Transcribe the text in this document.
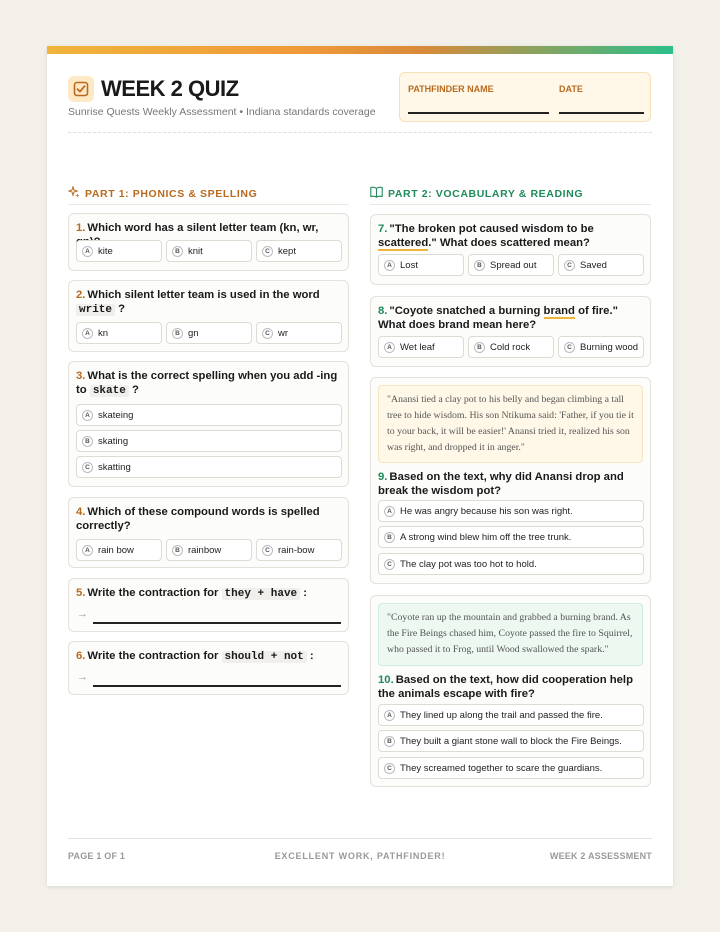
WEEK 2 QUIZ
Sunrise Quests Weekly Assessment • Indiana standards coverage
PATHFINDER NAME	DATE
PART 1: PHONICS & SPELLING
1. Which word has a silent letter team (kn, wr,
A kite	B knit	C kept
2. Which silent letter team is used in the word write ?
A kn	B gn	C wr
3. What is the correct spelling when you add -ing to skate ?
A skateing
B skating
C skatting
4. Which of these compound words is spelled correctly?
A rain bow	B rainbow	C rain-bow
5. Write the contraction for they + have :
→
6. Write the contraction for should + not :
→
PART 2: VOCABULARY & READING
7. "The broken pot caused wisdom to be scattered." What does scattered mean?
A Lost	B Spread out	C Saved
8. "Coyote snatched a burning brand of fire." What does brand mean here?
A Wet leaf	B Cold rock	C Burning wood
"Anansi tied a clay pot to his belly and began climbing a tall tree to hide wisdom. His son Ntikuma said: 'Father, if you tie it to your back, it will be easier!' Anansi tried it, realized his son was right, and dropped it in anger."
9. Based on the text, why did Anansi drop and break the wisdom pot?
A He was angry because his son was right.
B A strong wind blew him off the tree trunk.
C The clay pot was too hot to hold.
"Coyote ran up the mountain and grabbed a burning brand. As the Fire Beings chased him, Coyote passed the fire to Squirrel, who passed it to Frog, until Wood swallowed the spark."
10. Based on the text, how did cooperation help the animals escape with fire?
A They lined up along the trail and passed the fire.
B They built a giant stone wall to block the Fire Beings.
C They screamed together to scare the guardians.
PAGE 1 OF 1	EXCELLENT WORK, PATHFINDER!	WEEK 2 ASSESSMENT
